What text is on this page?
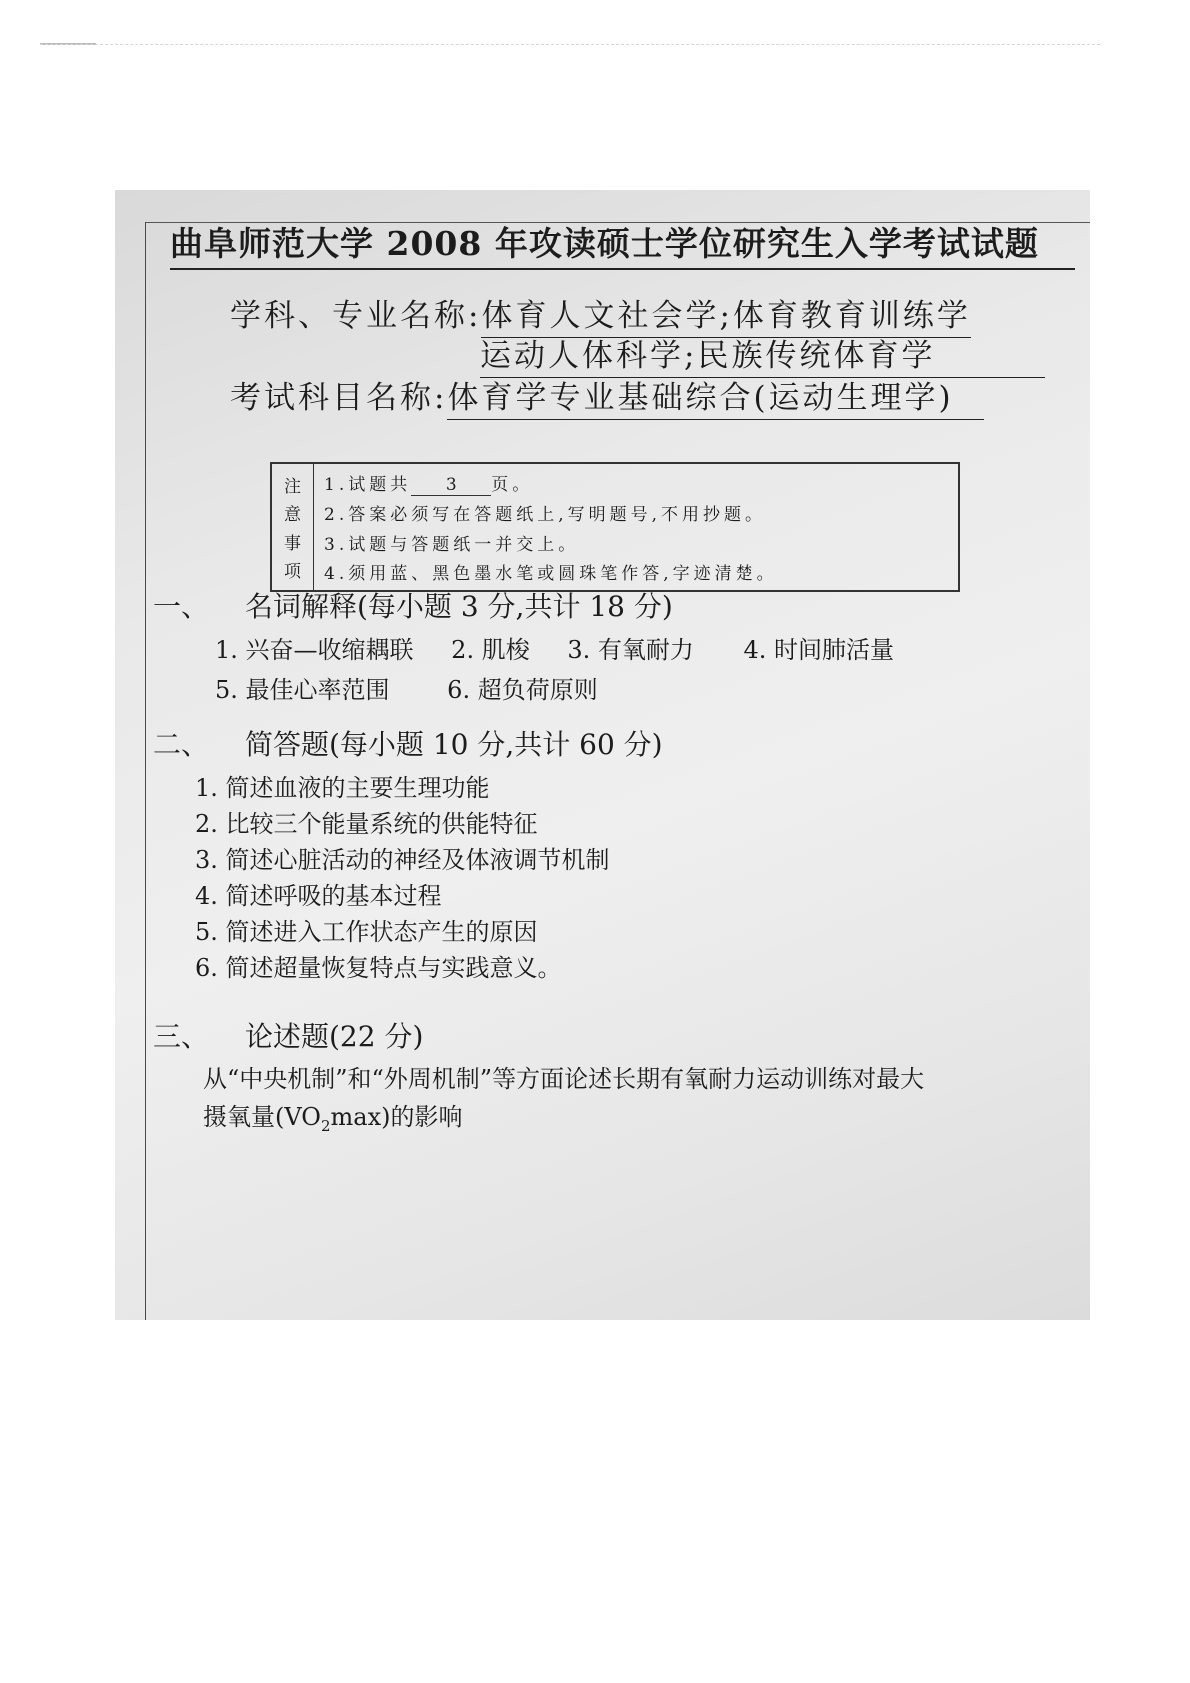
曲阜师范大学 2008 年攻读硕士学位研究生入学考试试题
学科、专业名称:体育人文社会学;体育教育训练学
运动人体科学;民族传统体育学
考试科目名称:体育学专业基础综合(运动生理学)
注
意
事
项
1.试题共 3 页。
2.答案必须写在答题纸上,写明题号,不用抄题。
3.试题与答题纸一并交上。
4.须用蓝、黑色墨水笔或圆珠笔作答,字迹清楚。
一、 名词解释(每小题 3 分,共计 18 分)
1. 兴奋—收缩耦联 2. 肌梭 3. 有氧耐力 4. 时间肺活量
5. 最佳心率范围 6. 超负荷原则
二、 简答题(每小题 10 分,共计 60 分)
1. 简述血液的主要生理功能
2. 比较三个能量系统的供能特征
3. 简述心脏活动的神经及体液调节机制
4. 简述呼吸的基本过程
5. 简述进入工作状态产生的原因
6. 简述超量恢复特点与实践意义。
三、 论述题(22 分)
从“中央机制”和“外周机制”等方面论述长期有氧耐力运动训练对最大
摄氧量$(VO_2\max)$的影响
